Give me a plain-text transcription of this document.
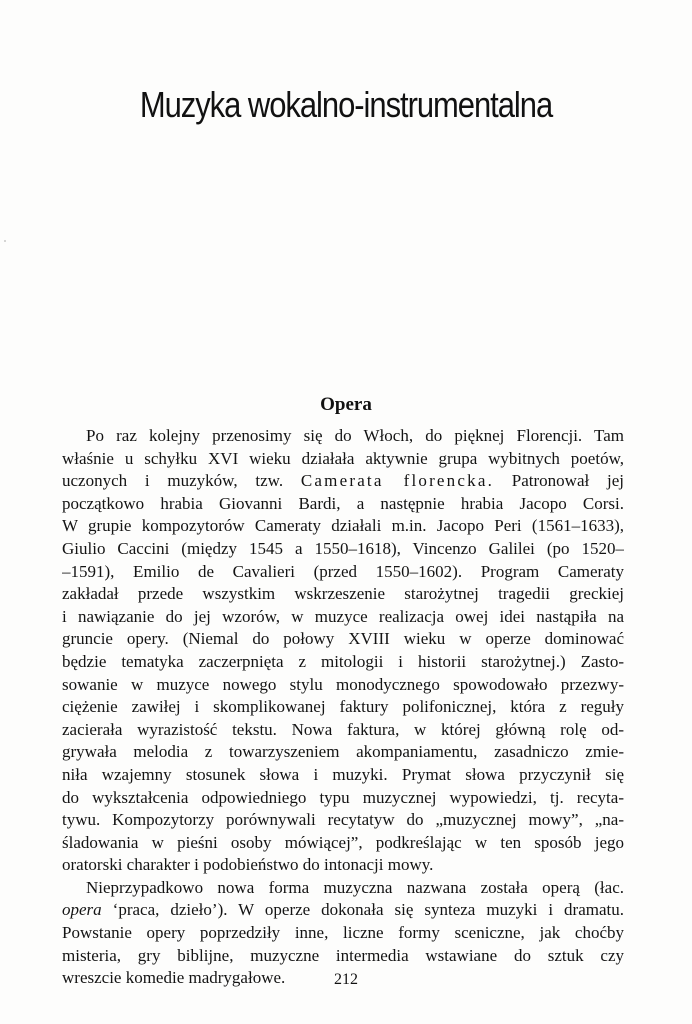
Muzyka wokalno-instrumentalna
Opera
Po raz kolejny przenosimy się do Włoch, do pięknej Florencji. Tam
właśnie u schyłku XVI wieku działała aktywnie grupa wybitnych poetów,
uczonych i muzyków, tzw. Camerata florencka. Patronował jej
początkowo hrabia Giovanni Bardi, a następnie hrabia Jacopo Corsi.
W grupie kompozytorów Cameraty działali m.in. Jacopo Peri (1561–1633),
Giulio Caccini (między 1545 a 1550–1618), Vincenzo Galilei (po 1520–
–1591), Emilio de Cavalieri (przed 1550–1602). Program Cameraty
zakładał przede wszystkim wskrzeszenie starożytnej tragedii greckiej
i nawiązanie do jej wzorów, w muzyce realizacja owej idei nastąpiła na
gruncie opery. (Niemal do połowy XVIII wieku w operze dominować
będzie tematyka zaczerpnięta z mitologii i historii starożytnej.) Zasto-
sowanie w muzyce nowego stylu monodycznego spowodowało przezwy-
ciężenie zawiłej i skomplikowanej faktury polifonicznej, która z reguły
zacierała wyrazistość tekstu. Nowa faktura, w której główną rolę od-
grywała melodia z towarzyszeniem akompaniamentu, zasadniczo zmie-
niła wzajemny stosunek słowa i muzyki. Prymat słowa przyczynił się
do wykształcenia odpowiedniego typu muzycznej wypowiedzi, tj. recyta-
tywu. Kompozytorzy porównywali recytatyw do „muzycznej mowy”, „na-
śladowania w pieśni osoby mówiącej”, podkreślając w ten sposób jego
oratorski charakter i podobieństwo do intonacji mowy.
Nieprzypadkowo nowa forma muzyczna nazwana została operą (łac.
opera ‘praca, dzieło’). W operze dokonała się synteza muzyki i dramatu.
Powstanie opery poprzedziły inne, liczne formy sceniczne, jak choćby
misteria, gry biblijne, muzyczne intermedia wstawiane do sztuk czy
wreszcie komedie madrygałowe.	212
